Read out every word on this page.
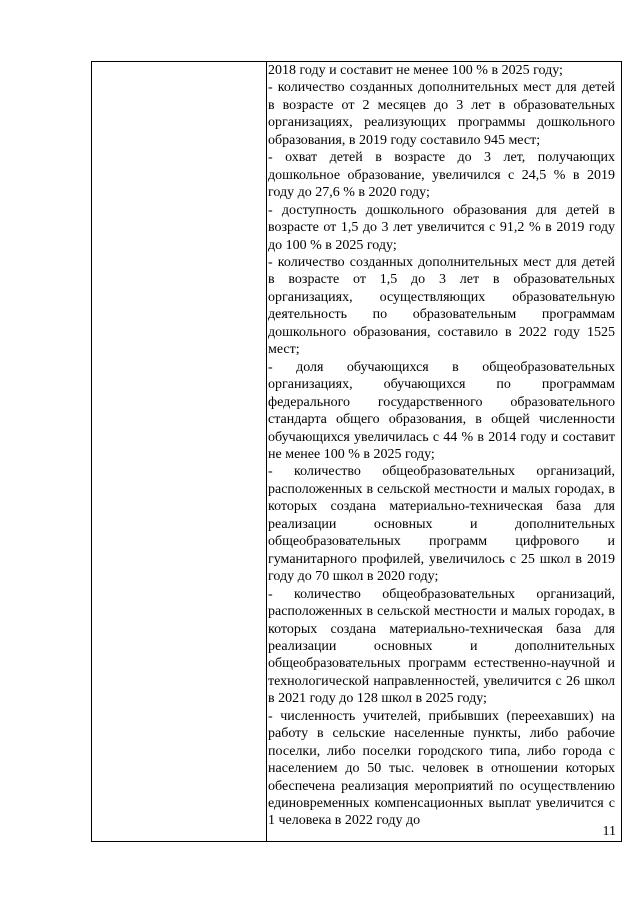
2018 году и составит не менее 100 % в 2025 году;

- количество созданных дополнительных мест для детей в возрасте от 2 месяцев до 3 лет в образовательных организациях, реализующих программы дошкольного образования, в 2019 году составило 945 мест;

- охват детей в возрасте до 3 лет, получающих дошкольное образование, увеличился с 24,5 % в 2019 году до 27,6 % в 2020 году;

- доступность дошкольного образования для детей в возрасте от 1,5 до 3 лет увеличится с 91,2 % в 2019 году до 100 % в 2025 году;

- количество созданных дополнительных мест для детей в возрасте от 1,5 до 3 лет в образовательных организациях, осуществляющих образовательную деятельность по образовательным программам дошкольного образования, составило в 2022 году 1525 мест;

- доля обучающихся в общеобразовательных организациях, обучающихся по программам федерального государственного образовательного стандарта общего образования, в общей численности обучающихся увеличилась с 44 % в 2014 году и составит не менее 100 % в 2025 году;

- количество общеобразовательных организаций, расположенных в сельской местности и малых городах, в которых создана материально-техническая база для реализации основных и дополнительных общеобразовательных программ цифрового и гуманитарного профилей, увеличилось с 25 школ в 2019 году до 70 школ в 2020 году;

- количество общеобразовательных организаций, расположенных в сельской местности и малых городах, в которых создана материально-техническая база для реализации основных и дополнительных общеобразовательных программ естественно-научной и технологической направленностей, увеличится с 26 школ в 2021 году до 128 школ в 2025 году;

- численность учителей, прибывших (переехавших) на работу в сельские населенные пункты, либо рабочие поселки, либо поселки городского типа, либо города с населением до 50 тыс. человек в отношении которых обеспечена реализация мероприятий по осуществлению единовременных компенсационных выплат увеличится с 1 человека в 2022 году до

11
